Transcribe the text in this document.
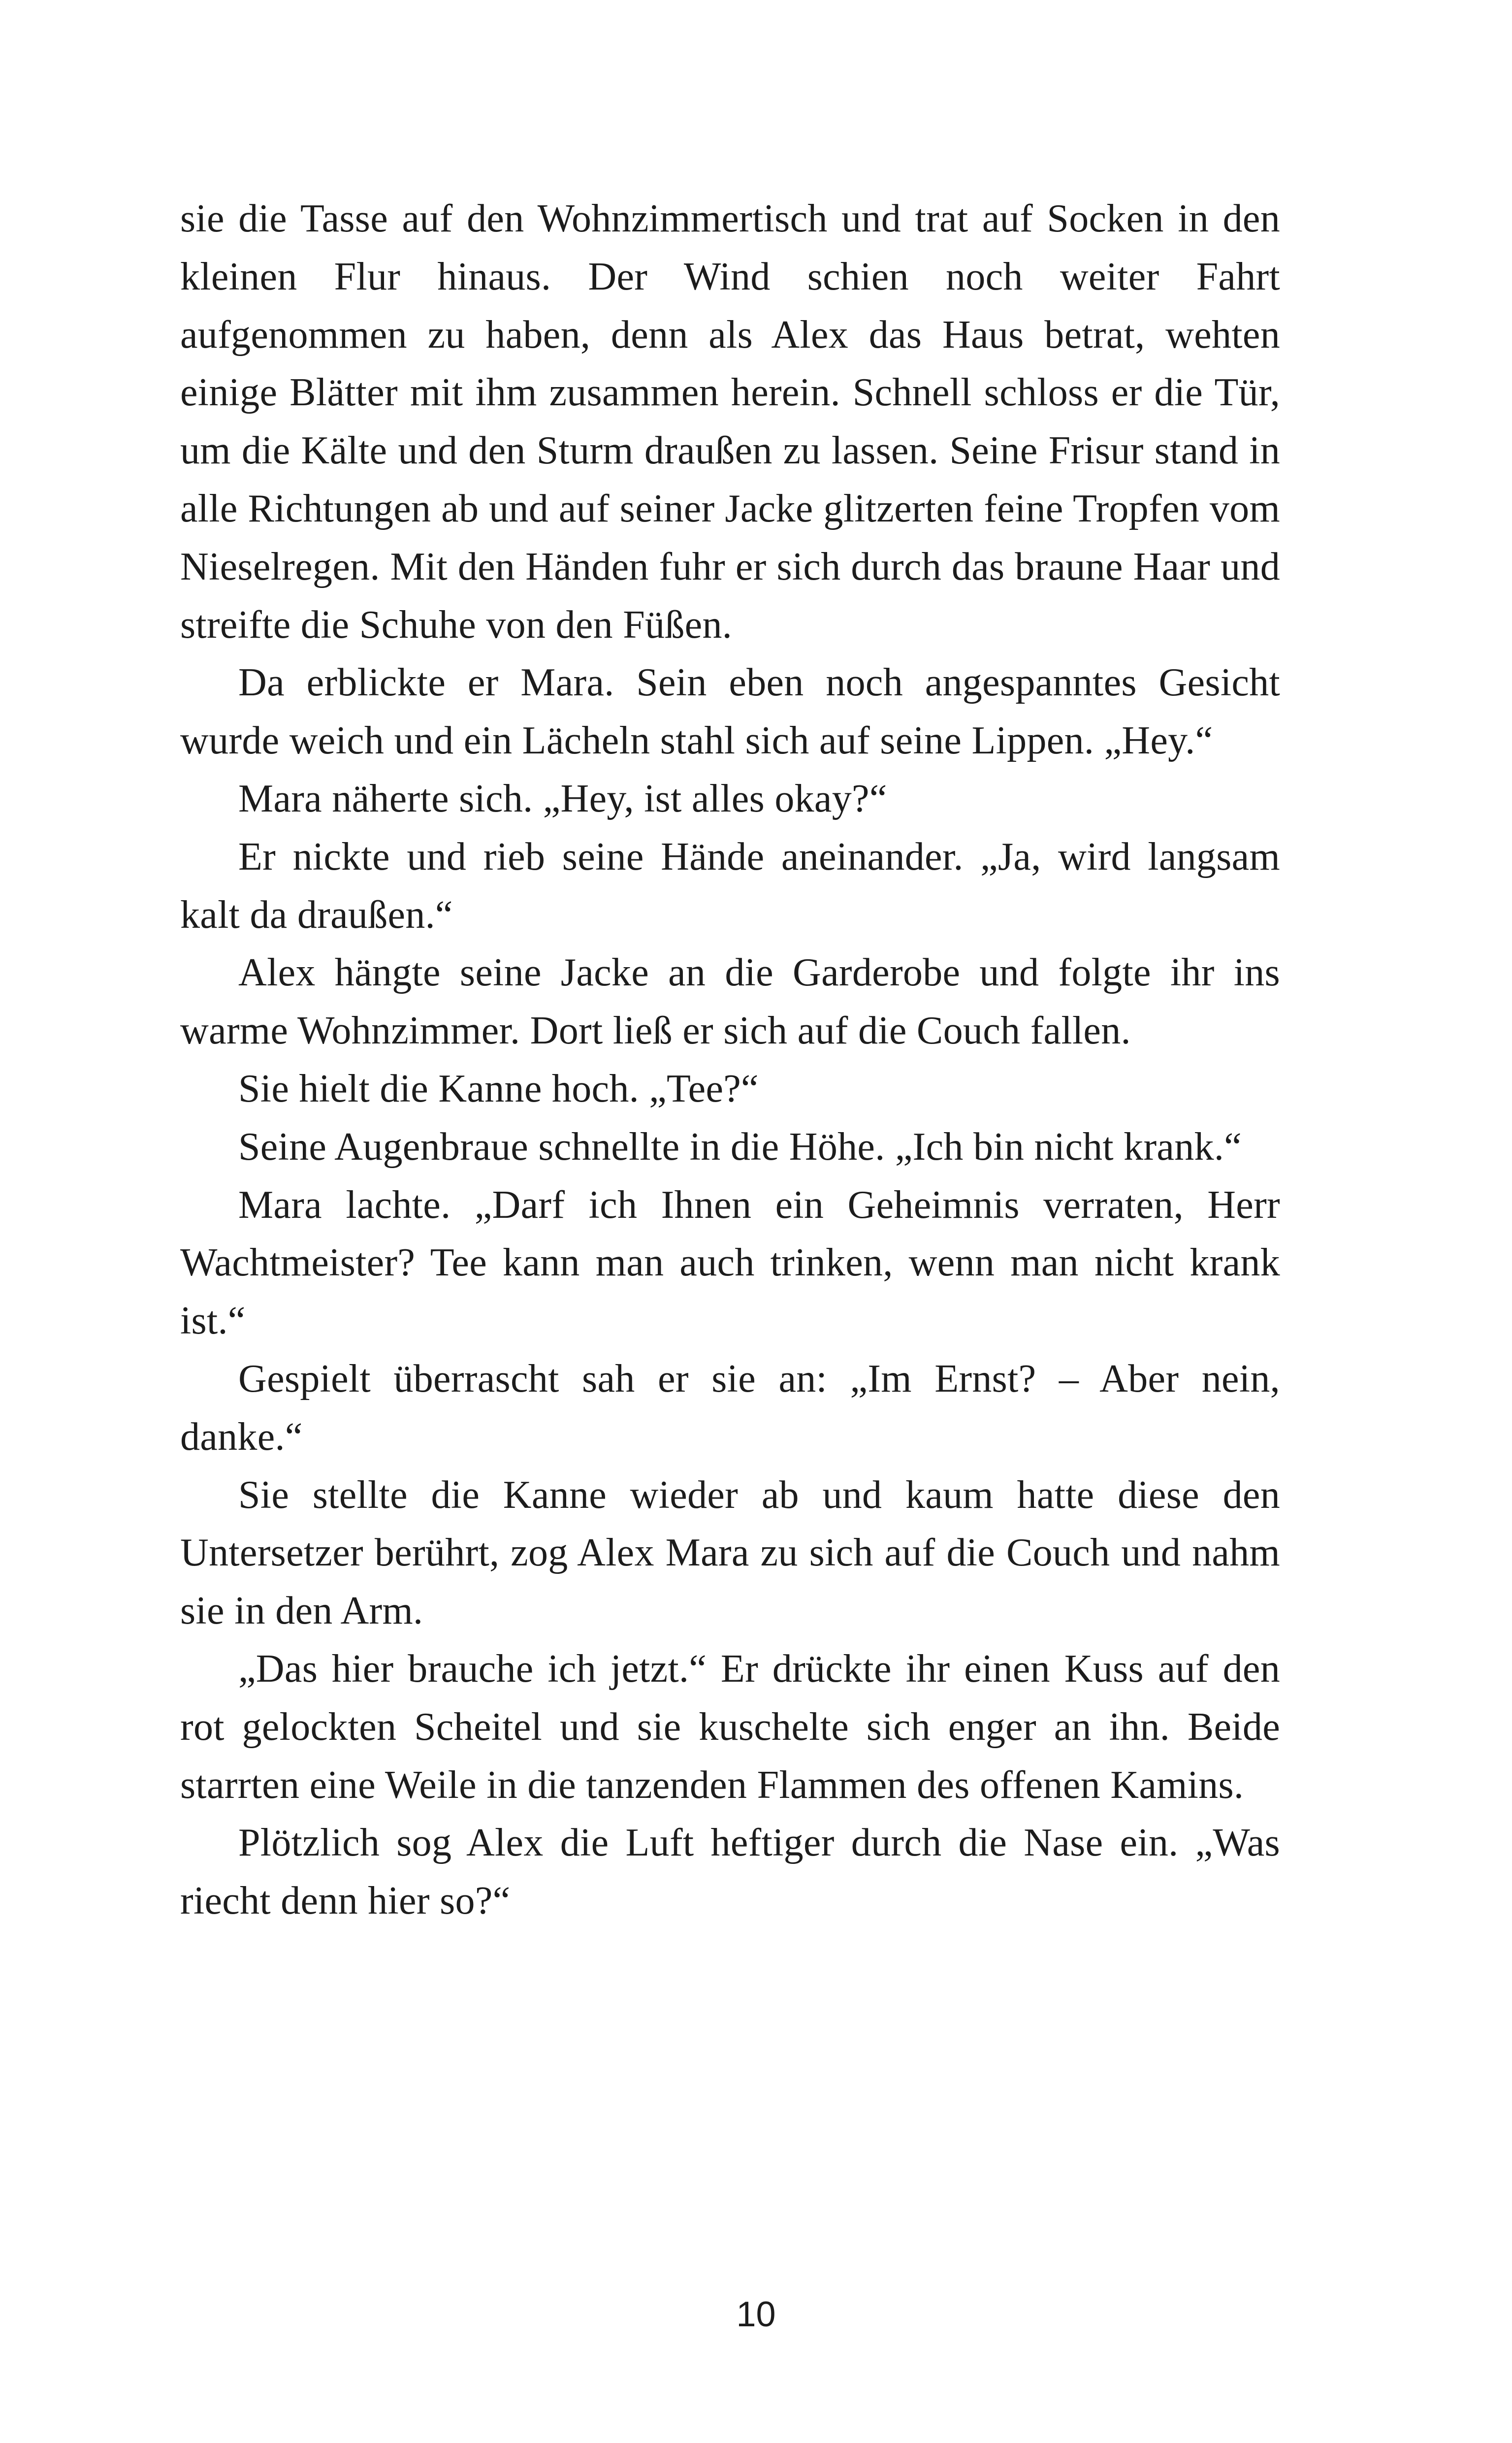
sie die Tasse auf den Wohnzimmertisch und trat auf Socken in den kleinen Flur hinaus. Der Wind schien noch weiter Fahrt aufgenommen zu haben, denn als Alex das Haus betrat, wehten einige Blätter mit ihm zusammen herein. Schnell schloss er die Tür, um die Kälte und den Sturm draußen zu lassen. Seine Frisur stand in alle Richtungen ab und auf seiner Jacke glitzerten feine Tropfen vom Nieselregen. Mit den Händen fuhr er sich durch das braune Haar und streifte die Schuhe von den Füßen.

Da erblickte er Mara. Sein eben noch angespanntes Gesicht wurde weich und ein Lächeln stahl sich auf seine Lippen. „Hey.“

Mara näherte sich. „Hey, ist alles okay?“

Er nickte und rieb seine Hände aneinander. „Ja, wird langsam kalt da draußen.“

Alex hängte seine Jacke an die Garderobe und folgte ihr ins warme Wohnzimmer. Dort ließ er sich auf die Couch fallen.

Sie hielt die Kanne hoch. „Tee?“

Seine Augenbraue schnellte in die Höhe. „Ich bin nicht krank.“

Mara lachte. „Darf ich Ihnen ein Geheimnis verraten, Herr Wachtmeister? Tee kann man auch trinken, wenn man nicht krank ist.“

Gespielt überrascht sah er sie an: „Im Ernst? – Aber nein, danke.“

Sie stellte die Kanne wieder ab und kaum hatte diese den Untersetzer berührt, zog Alex Mara zu sich auf die Couch und nahm sie in den Arm.

„Das hier brauche ich jetzt.“ Er drückte ihr einen Kuss auf den rot gelockten Scheitel und sie kuschelte sich enger an ihn. Beide starrten eine Weile in die tanzenden Flammen des offenen Kamins.

Plötzlich sog Alex die Luft heftiger durch die Nase ein. „Was riecht denn hier so?“

10
